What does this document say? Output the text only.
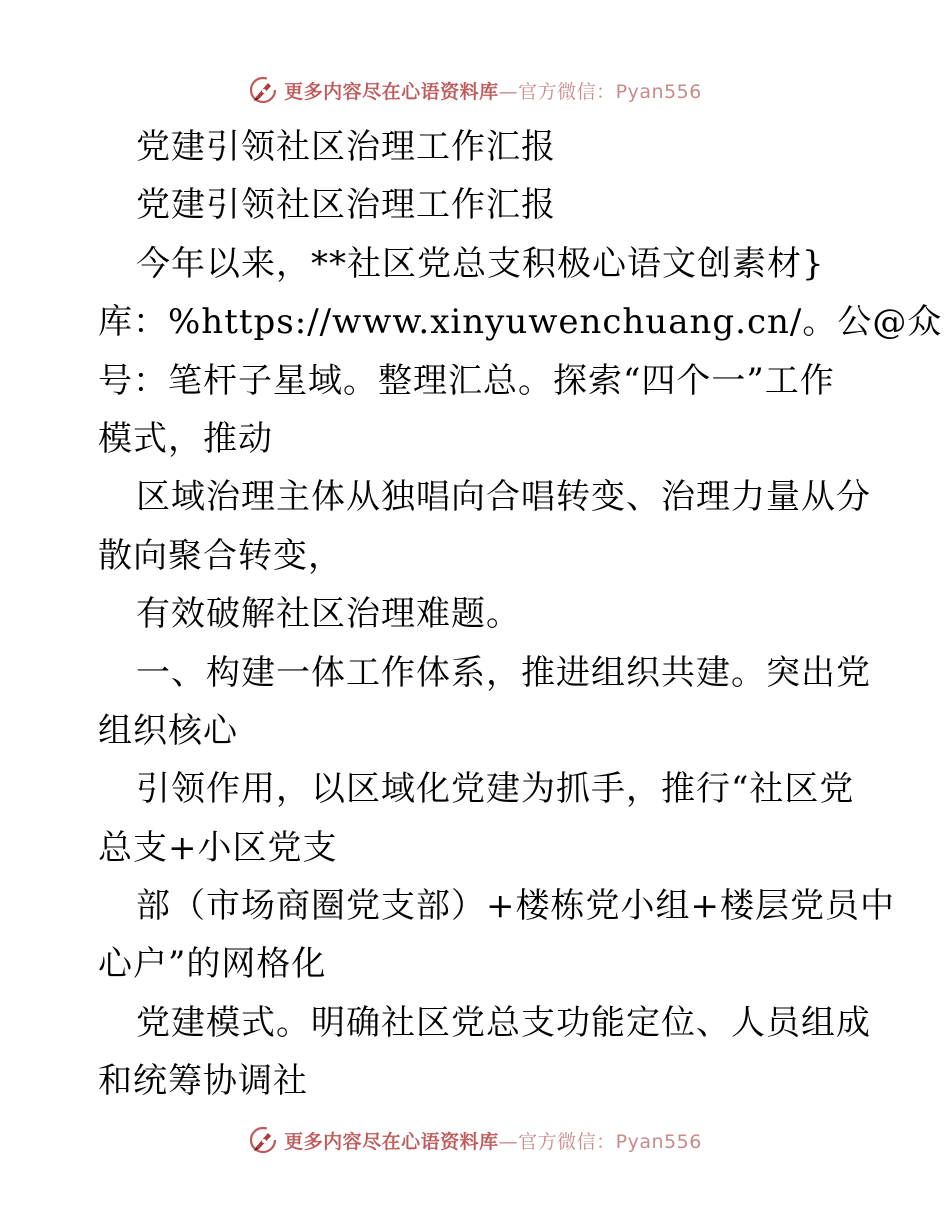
更多内容尽在心语资料库—官方微信：Pyan556
党建引领社区治理工作汇报
党建引领社区治理工作汇报
今年以来，**社区党总支积极心语文创素材}
库：%https://www.xinyuwenchuang.cn/。公@众
号：笔杆子星域。整理汇总。探索“四个一”工作
模式，推动
区域治理主体从独唱向合唱转变、治理力量从分
散向聚合转变，
有效破解社区治理难题。
一、构建一体工作体系，推进组织共建。突出党
组织核心
引领作用，以区域化党建为抓手，推行“社区党
总支+小区党支
部（市场商圈党支部）+楼栋党小组+楼层党员中
心户”的网格化
党建模式。明确社区党总支功能定位、人员组成
和统筹协调社
更多内容尽在心语资料库—官方微信：Pyan556
